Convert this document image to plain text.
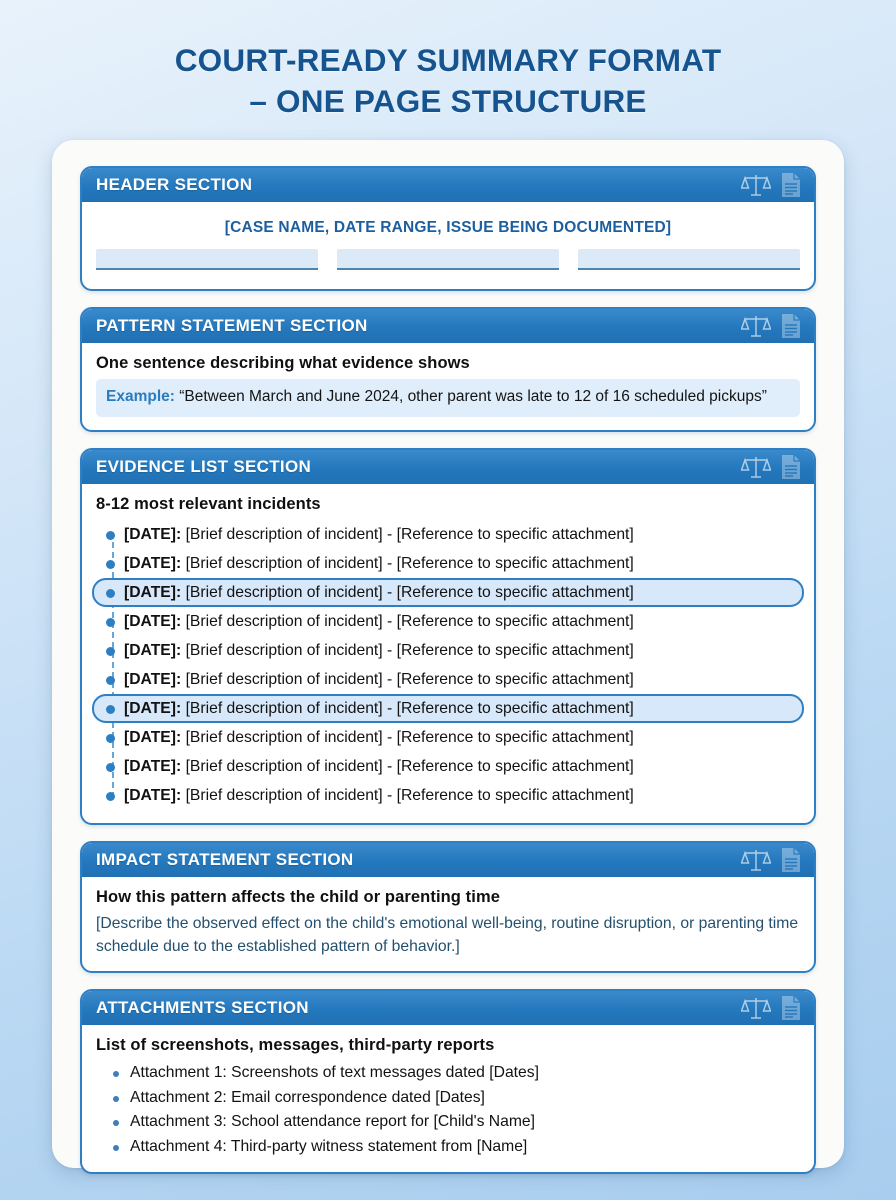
COURT-READY SUMMARY FORMAT
– ONE PAGE STRUCTURE
HEADER SECTION
[CASE NAME, DATE RANGE, ISSUE BEING DOCUMENTED]
PATTERN STATEMENT SECTION
One sentence describing what evidence shows
Example: “Between March and June 2024, other parent was late to 12 of 16 scheduled pickups”
EVIDENCE LIST SECTION
8-12 most relevant incidents
[DATE]: [Brief description of incident] - [Reference to specific attachment]
[DATE]: [Brief description of incident] - [Reference to specific attachment]
[DATE]: [Brief description of incident] - [Reference to specific attachment]
[DATE]: [Brief description of incident] - [Reference to specific attachment]
[DATE]: [Brief description of incident] - [Reference to specific attachment]
[DATE]: [Brief description of incident] - [Reference to specific attachment]
[DATE]: [Brief description of incident] - [Reference to specific attachment]
[DATE]: [Brief description of incident] - [Reference to specific attachment]
[DATE]: [Brief description of incident] - [Reference to specific attachment]
[DATE]: [Brief description of incident] - [Reference to specific attachment]
IMPACT STATEMENT SECTION
How this pattern affects the child or parenting time
[Describe the observed effect on the child's emotional well-being, routine disruption, or parenting time schedule due to the established pattern of behavior.]
ATTACHMENTS SECTION
List of screenshots, messages, third-party reports
Attachment 1: Screenshots of text messages dated [Dates]
Attachment 2: Email correspondence dated [Dates]
Attachment 3: School attendance report for [Child's Name]
Attachment 4: Third-party witness statement from [Name]
